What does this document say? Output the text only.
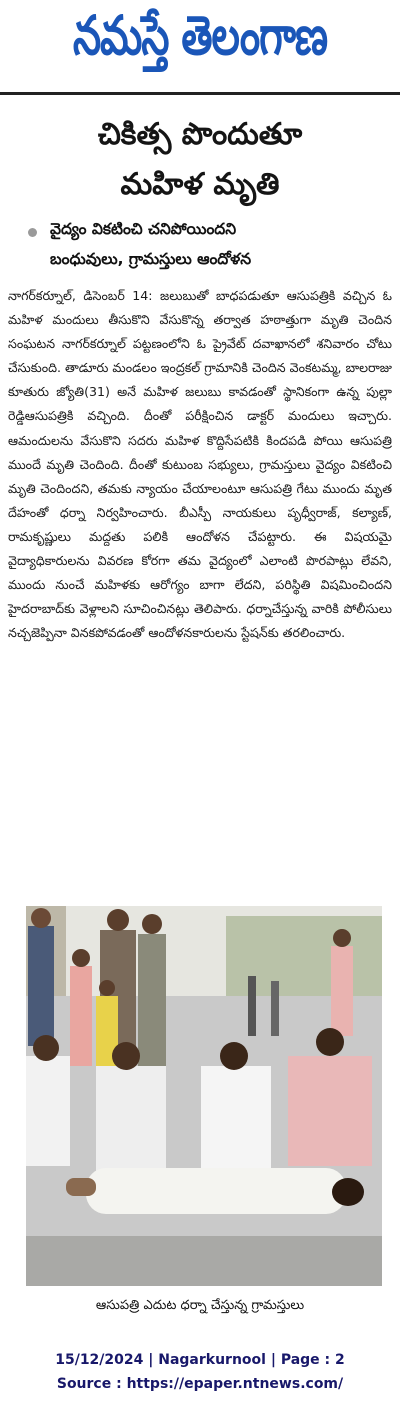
నమస్తే తెలంగాణ
చికిత్స పొందుతూ
మహిళ మృతి
వైద్యం వికటించి చనిపోయిందని
బంధువులు, గ్రామస్తులు ఆందోళన
నాగర్‌కర్నూల్‌, డిసెంబర్‌ 14: జలుబుతో బాధపడుతూ ఆసుపత్రికి వచ్చిన ఓ మహిళ మందులు తీసుకొని వేసుకొన్న తర్వాత హఠాత్తుగా మృతి చెందిన సంఘటన నాగర్‌కర్నూల్‌ పట్టణంలోని ఓ ప్రైవేట్‌ దవాఖానలో శనివారం చోటు చేసుకుంది. తాడూరు మండలం ఇంద్రకల్‌ గ్రామానికి చెందిన వెంకటమ్మ, బాలరాజు కూతురు జ్యోతి(31) అనే మహిళ జలుబు కావడంతో స్థానికంగా ఉన్న పుల్లా రెడ్డిఆసుపత్రికి వచ్చింది. దీంతో పరీక్షించిన డాక్టర్‌ మందులు ఇచ్చారు. ఆమందులను వేసుకొని సదరు మహిళ కొద్దిసేపటికి కిందపడి పోయి ఆసుపత్రి ముందే మృతి చెందింది. దీంతో కుటుంబ సభ్యులు, గ్రామస్తులు వైద్యం వికటించి మృతి చెందిందని, తమకు న్యాయం చేయాలంటూ ఆసుపత్రి గేటు ముందు మృత దేహంతో ధర్నా నిర్వహించారు. బీఎస్పీ నాయకులు పృధ్వీరాజ్‌, కల్యాణ్‌, రామకృష్ణులు మద్దతు పలికి ఆందోళన చేపట్టారు. ఈ విషయమై వైద్యాధికారులను వివరణ కోరగా తమ వైద్యంలో ఎలాంటి పొరపాట్లు లేవని, ముందు నుంచే మహిళకు ఆరోగ్యం బాగా లేదని, పరిస్థితి విషమించిందని హైదరాబాద్‌కు వెళ్లాలని సూచించినట్లు తెలిపారు. ధర్నాచేస్తున్న వారికి పోలీసులు నచ్చజెప్పినా వినకపోవడంతో ఆందోళనకారులను స్టేషన్‌కు తరలించారు.
ఆసుపత్రి ఎదుట ధర్నా చేస్తున్న గ్రామస్తులు
15/12/2024 | Nagarkurnool | Page : 2
Source : https://epaper.ntnews.com/
